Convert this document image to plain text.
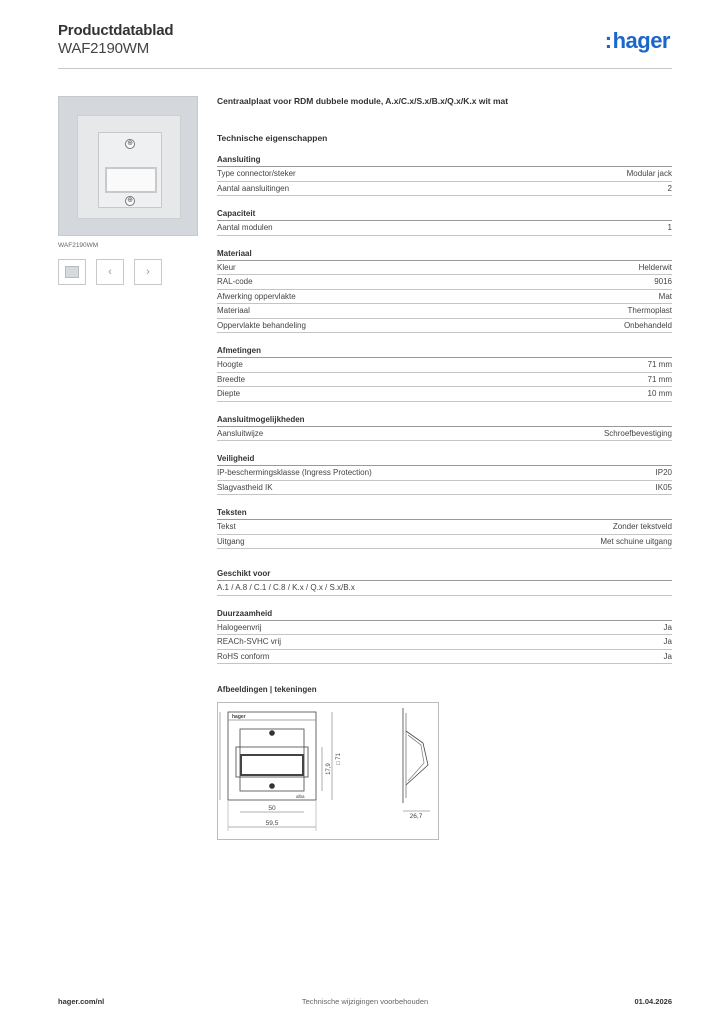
Productdatablad
WAF2190WM	:hager
⊕
⊕
WAF2190WM
‹	›
Centraalplaat voor RDM dubbele module, A.x/C.x/S.x/B.x/Q.x/K.x wit mat
Technische eigenschappen
Aansluiting
Type connector/steker	Modular jack
Aantal aansluitingen	2
Capaciteit
Aantal modulen	1
Materiaal
Kleur	Helderwit
RAL-code	9016
Afwerking oppervlakte	Mat
Materiaal	Thermoplast
Oppervlakte behandeling	Onbehandeld
Afmetingen
Hoogte	71 mm
Breedte	71 mm
Diepte	10 mm
Aansluitmogelijkheden
Aansluitwijze	Schroefbevestiging
Veiligheid
IP-beschermingsklasse (Ingress Protection)	IP20
Slagvastheid IK	IK05
Teksten
Tekst	Zonder tekstveld
Uitgang	Met schuine uitgang
Geschikt voor
A.1 / A.8 / C.1 / C.8 / K.x / Q.x / S.x/B.x
Duurzaamheid
Halogeenvrij	Ja
REACh-SVHC vrij	Ja
RoHS conform	Ja
Afbeeldingen | tekeningen
hager
alba
50
59,5
17,9
□ 71
26,7
hager.com/nl	Technische wijzigingen voorbehouden	01.04.2026
